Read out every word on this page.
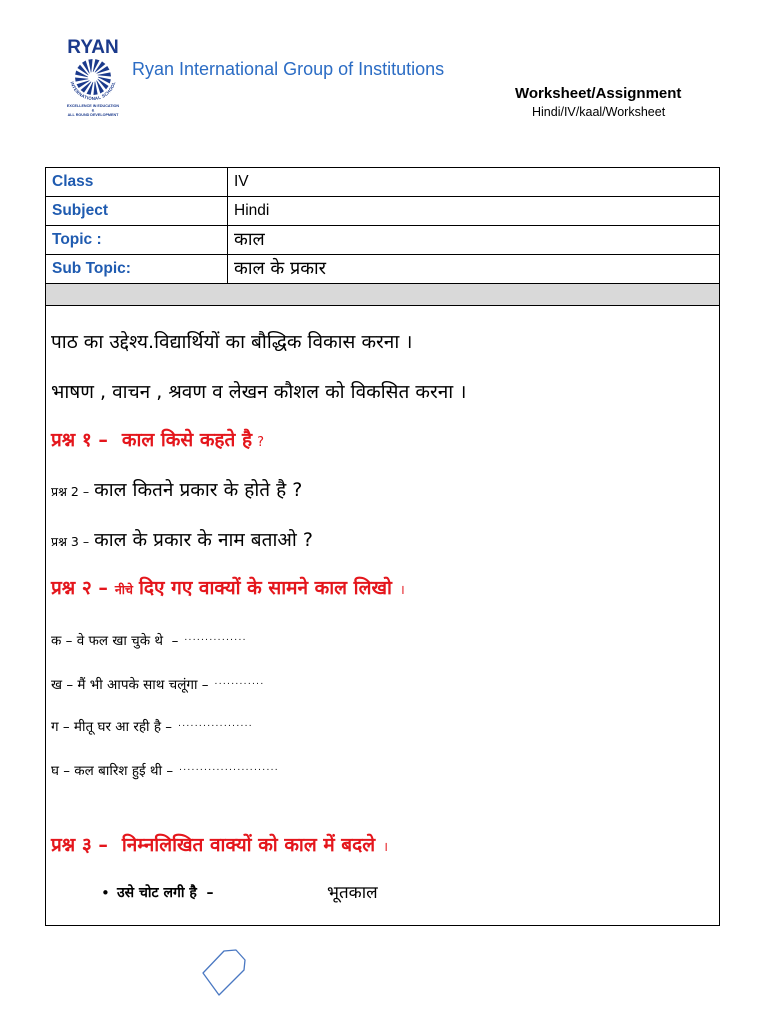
RYAN
INTERNATIONAL SCHOOL
EXCELLENCE IN EDUCATION
&
ALL ROUND DEVELOPMENT
Ryan International Group of Institutions
Worksheet/Assignment
Hindi/IV/kaal/Worksheet
Class	IV
Subject	Hindi
Topic :	काल
Sub Topic:	काल के प्रकार
पाठ का उद्देश्य.विद्यार्थियों का बौद्धिक विकास करना ।
भाषण , वाचन , श्रवण व लेखन कौशल को विकसित करना ।
प्रश्न १ – काल किसे कहते है ?
प्रश्न 2 – काल कितने प्रकार के होते है ?
प्रश्न 3 – काल के प्रकार के नाम बताओ ?
प्रश्न २ – नीचे दिए गए वाक्यों के सामने काल लिखो ।
क – वे फल खा चुके थे  – ...............
ख – मैं भी आपके साथ चलूंगा – ............
ग – मीतू घर आ रही है – ..................
घ – कल बारिश हुई थी – ........................
प्रश्न ३ – निम्नलिखित वाक्यों को काल में बदले ।
• उसे चोट लगी है  –	भूतकाल
